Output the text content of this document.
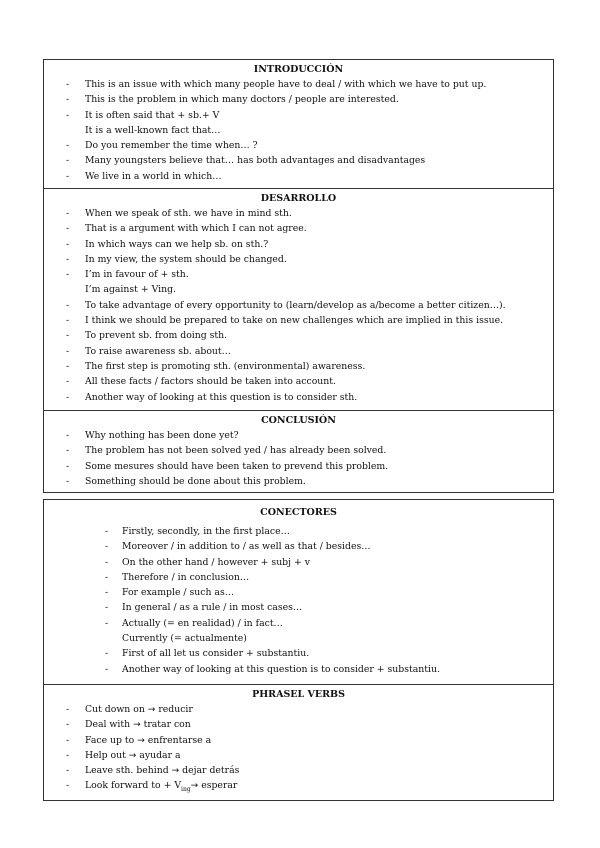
INTRODUCCIÓN
- This is an issue with which many people have to deal / with which we have to put up.
- This is the problem in which many doctors / people are interested.
- It is often said that + sb.+ V
It is a well-known fact that…
- Do you remember the time when… ?
- Many youngsters believe that… has both advantages and disadvantages
- We live in a world in which…
DESARROLLO
- When we speak of sth. we have in mind sth.
- That is a argument with which I can not agree.
- In which ways can we help sb. on sth.?
- In my view, the system should be changed.
- I’m in favour of + sth.
I’m against + Ving.
- To take advantage of every opportunity to (learn/develop as a/become a better citizen…).
- I think we should be prepared to take on new challenges which are implied in this issue.
- To prevent sb. from doing sth.
- To raise awareness sb. about…
- The first step is promoting sth. (environmental) awareness.
- All these facts / factors should be taken into account.
- Another way of looking at this question is to consider sth.
CONCLUSIÓN
- Why nothing has been done yet?
- The problem has not been solved yed / has already been solved.
- Some mesures should have been taken to prevend this problem.
- Something should be done about this problem.
CONECTORES
- Firstly, secondly, in the first place…
- Moreover / in addition to / as well as that / besides…
- On the other hand / however + subj + v
- Therefore / in conclusion…
- For example / such as…
- In general / as a rule / in most cases…
- Actually (= en realidad) / in fact…
Currently (= actualmente)
- First of all let us consider + substantiu.
- Another way of looking at this question is to consider + substantiu.
PHRASEL VERBS
- Cut down on → reducir
- Deal with → tratar con
- Face up to → enfrentarse a
- Help out → ayudar a
- Leave sth. behind → dejar detrás
- Look forward to + $V_{ing}\to$ esperar
